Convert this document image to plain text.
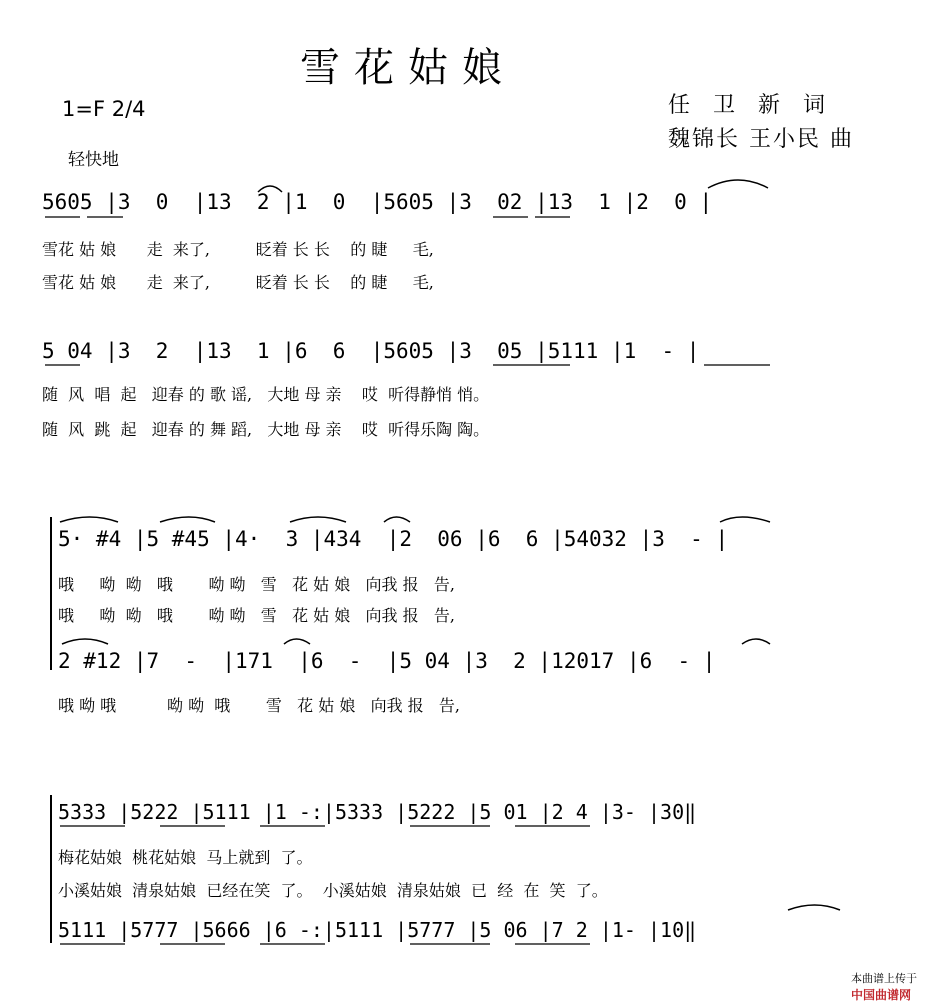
雪花姑娘
1=F 2/4
轻快地
任 卫 新 词
魏锦长 王小民 曲
5605 |3  0  |13  2 |1  0  |5605 |3  02 |13  1 |2  0 |
雪花 姑 娘      走  来了,         眨着 长 长    的 睫     毛,
雪花 姑 娘      走  来了,         眨着 长 长    的 睫     毛,
5 04 |3  2  |13  1 |6  6  |5605 |3  05 |5111 |1  - |
随  风  唱  起   迎春 的 歌 谣,   大地 母 亲    哎  听得静悄 悄。
随  风  跳  起   迎春 的 舞 蹈,   大地 母 亲    哎  听得乐陶 陶。
5· #4 |5 #45 |4·  3 |434  |2  06 |6  6 |54032 |3  - |
哦     呦  呦   哦       呦 呦   雪   花 姑 娘   向我 报   告,
哦     呦  呦   哦       呦 呦   雪   花 姑 娘   向我 报   告,
2 #12 |7  -  |171  |6  -  |5 04 |3  2 |12017 |6  - |
哦 呦 哦          呦 呦  哦       雪   花 姑 娘   向我 报   告,
5333 |5222 |5111 |1 -:|5333 |5222 |5 01 |2 4 |3- |30‖
梅花姑娘  桃花姑娘  马上就到  了。
小溪姑娘  清泉姑娘  已经在笑  了。  小溪姑娘  清泉姑娘  已  经  在  笑  了。
5111 |5777 |5666 |6 -:|5111 |5777 |5 06 |7 2 |1- |10‖

本曲谱上传于
中国曲谱网
